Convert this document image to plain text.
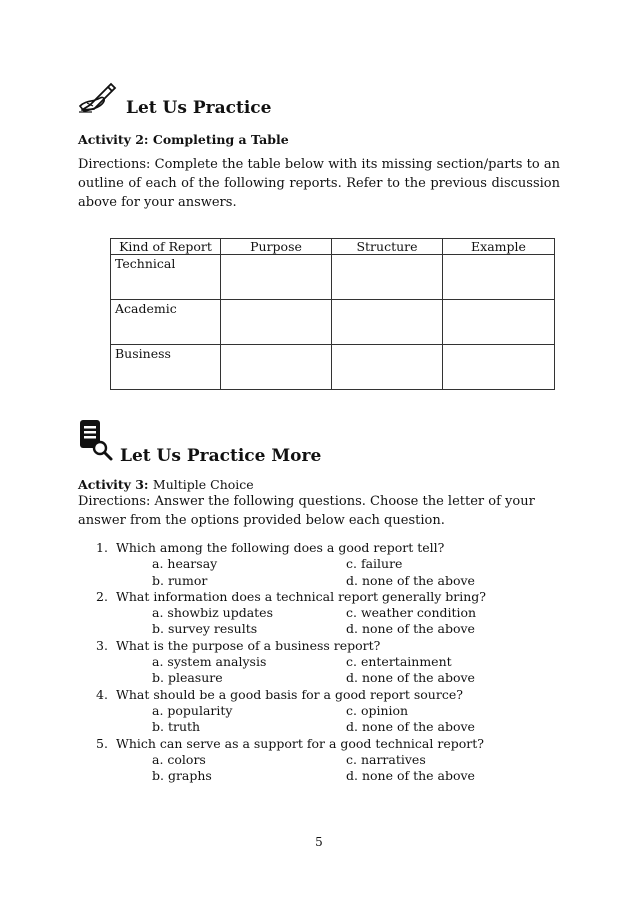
Let Us Practice
Activity 2: Completing a Table
Directions: Complete the table below with its missing section/parts to an outline of each of the following reports. Refer to the previous discussion above for your answers.
Kind of Report	Purpose	Structure	Example
Technical			
Academic			
Business			
Let Us Practice More
Activity 3: Multiple Choice
Directions: Answer the following questions. Choose the letter of your answer from the options provided below each question.
1. Which among the following does a good report tell?
a. hearsay	c. failure
b. rumor	d. none of the above
2. What information does a technical report generally bring?
a. showbiz updates	c. weather condition
b. survey results	d. none of the above
3. What is the purpose of a business report?
a. system analysis	c. entertainment
b. pleasure	d. none of the above
4. What should be a good basis for a good report source?
a. popularity	c. opinion
b. truth	d. none of the above
5. Which can serve as a support for a good technical report?
a. colors	c. narratives
b. graphs	d. none of the above
5
